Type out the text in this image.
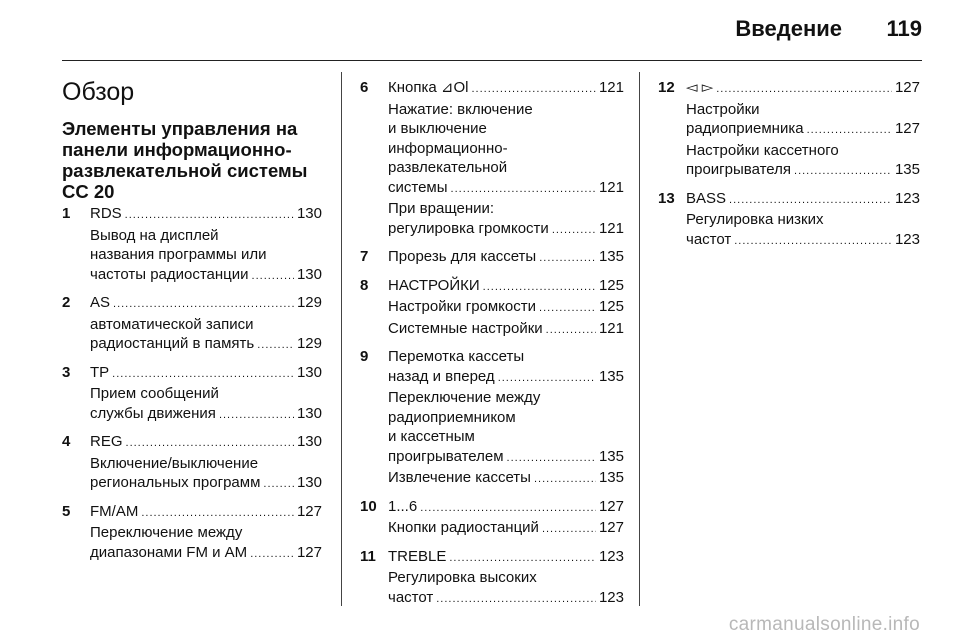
Введение 119
Обзор
Элементы управления на панели информационно-развлекательной системы CC 20
1 RDS .....	130
Вывод на дисплей
названия программы или
частоты радиостанции .....	130
2 AS .....	129
автоматической записи
радиостанций в память .....	129
3 TP .....	130
Прием сообщений
службы движения .....	130
4 REG .....	130
Включение/выключение
региональных программ ..... 130
5 FM/AM .....	127
Переключение между
диапазонами FM и AM .....	127
6 Кнопка ⊿Ol .....	121
Нажатие: включение
и выключение
информационно-
развлекательной
системы .....	121
При вращении:
регулировка громкости .....	121
7 Прорезь для кассеты .....	135
8 НАСТРОЙКИ .....	125
Настройки громкости .....	125
Системные настройки .....	121
9 Перемотка кассеты
назад и вперед .....	135
Переключение между
радиоприемником
и кассетным
проигрывателем .....	135
Извлечение кассеты .....	135
10 1...6 .....	127
Кнопки радиостанций .....	127
11 TREBLE .....	123
Регулировка высоких
частот .....	123
12 ◅ ▻ .....	127
Настройки
радиоприемника .....	127
Настройки кассетного
проигрывателя .....	135
13 BASS .....	123
Регулировка низких
частот .....	123
carmanualsonline.info
